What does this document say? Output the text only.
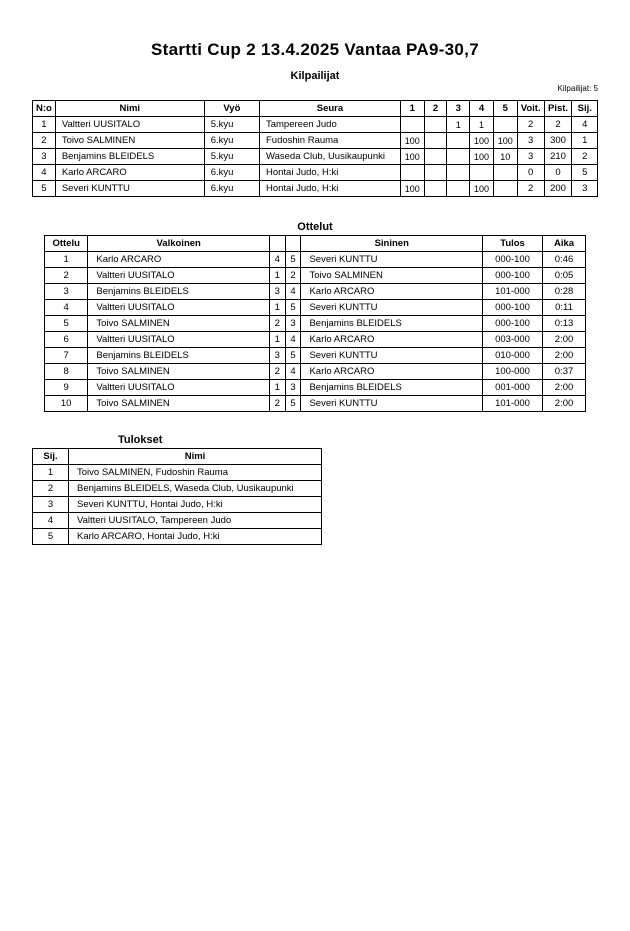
Startti Cup 2 13.4.2025 Vantaa PA9-30,7
Kilpailijat
Kilpailijat: 5
N:o	Nimi	Vyö	Seura	1	2	3	4	5	Voit.	Pist.	Sij.
1	Valtteri UUSITALO	5.kyu	Tampereen Judo			1	1		2	2	4
2	Toivo SALMINEN	6.kyu	Fudoshin Rauma	100			100	100	3	300	1
3	Benjamins BLEIDELS	5.kyu	Waseda Club, Uusikaupunki	100			100	10	3	210	2
4	Karlo ARCARO	6.kyu	Hontai Judo, H:ki						0	0	5
5	Severi KUNTTU	6.kyu	Hontai Judo, H:ki	100			100		2	200	3
Ottelut
Ottelu	Valkoinen			Sininen	Tulos	Aika
1	Karlo ARCARO	4	5	Severi KUNTTU	000-100	0:46
2	Valtteri UUSITALO	1	2	Toivo SALMINEN	000-100	0:05
3	Benjamins BLEIDELS	3	4	Karlo ARCARO	101-000	0:28
4	Valtteri UUSITALO	1	5	Severi KUNTTU	000-100	0:11
5	Toivo SALMINEN	2	3	Benjamins BLEIDELS	000-100	0:13
6	Valtteri UUSITALO	1	4	Karlo ARCARO	003-000	2:00
7	Benjamins BLEIDELS	3	5	Severi KUNTTU	010-000	2:00
8	Toivo SALMINEN	2	4	Karlo ARCARO	100-000	0:37
9	Valtteri UUSITALO	1	3	Benjamins BLEIDELS	001-000	2:00
10	Toivo SALMINEN	2	5	Severi KUNTTU	101-000	2:00
Tulokset
Sij.	Nimi
1	Toivo SALMINEN, Fudoshin Rauma
2	Benjamins BLEIDELS, Waseda Club, Uusikaupunki
3	Severi KUNTTU, Hontai Judo, H:ki
4	Valtteri UUSITALO, Tampereen Judo
5	Karlo ARCARO, Hontai Judo, H:ki
